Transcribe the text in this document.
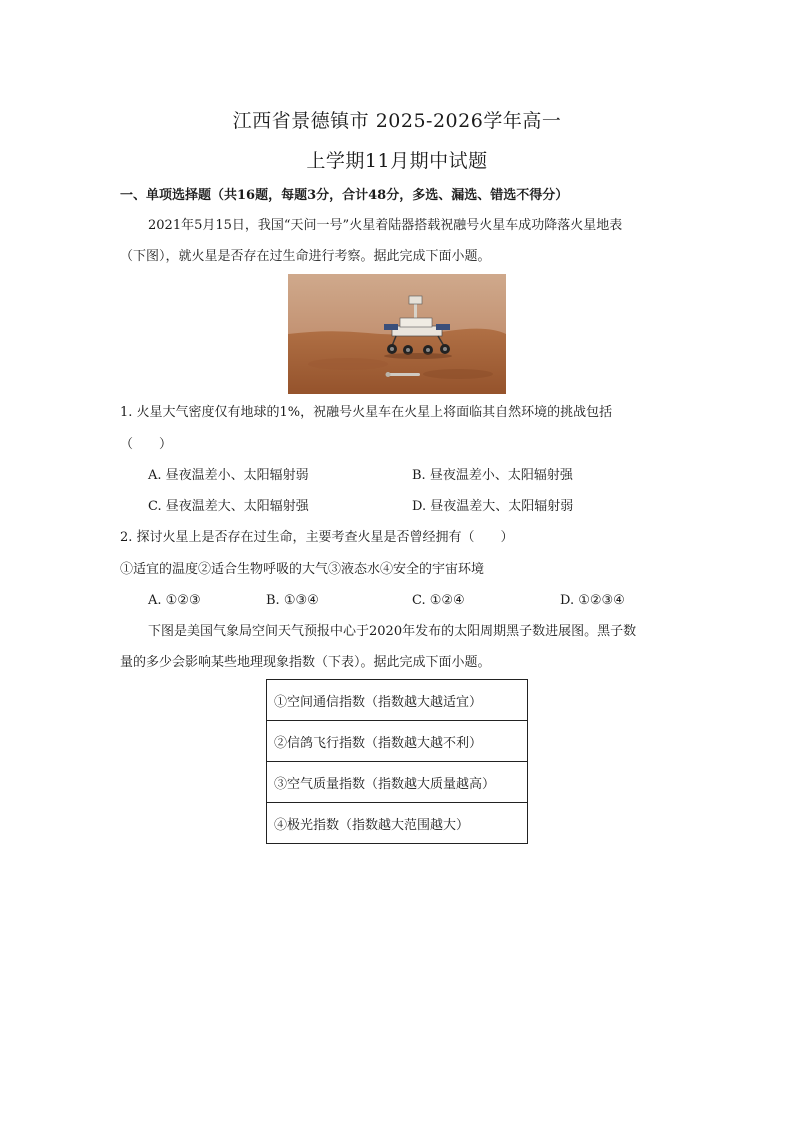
江西省景德镇市 2025-2026学年高一
上学期11月期中试题
一、单项选择题（共16题，每题3分，合计48分，多选、漏选、错选不得分）
2021年5月15日，我国“天问一号”火星着陆器搭载祝融号火星车成功降落火星地表
（下图），就火星是否存在过生命进行考察。据此完成下面小题。
1. 火星大气密度仅有地球的1%，祝融号火星车在火星上将面临其自然环境的挑战包括
（　　）
A. 昼夜温差小、太阳辐射弱	B. 昼夜温差小、太阳辐射强
C. 昼夜温差大、太阳辐射强	D. 昼夜温差大、太阳辐射弱
2. 探讨火星上是否存在过生命，主要考查火星是否曾经拥有（　　）
①适宜的温度②适合生物呼吸的大气③液态水④安全的宇宙环境
A. ①②③	B. ①③④	C. ①②④	D. ①②③④
下图是美国气象局空间天气预报中心于2020年发布的太阳周期黑子数进展图。黑子数
量的多少会影响某些地理现象指数（下表）。据此完成下面小题。
①空间通信指数（指数越大越适宜）
②信鸽飞行指数（指数越大越不利）
③空气质量指数（指数越大质量越高）
④极光指数（指数越大范围越大）
